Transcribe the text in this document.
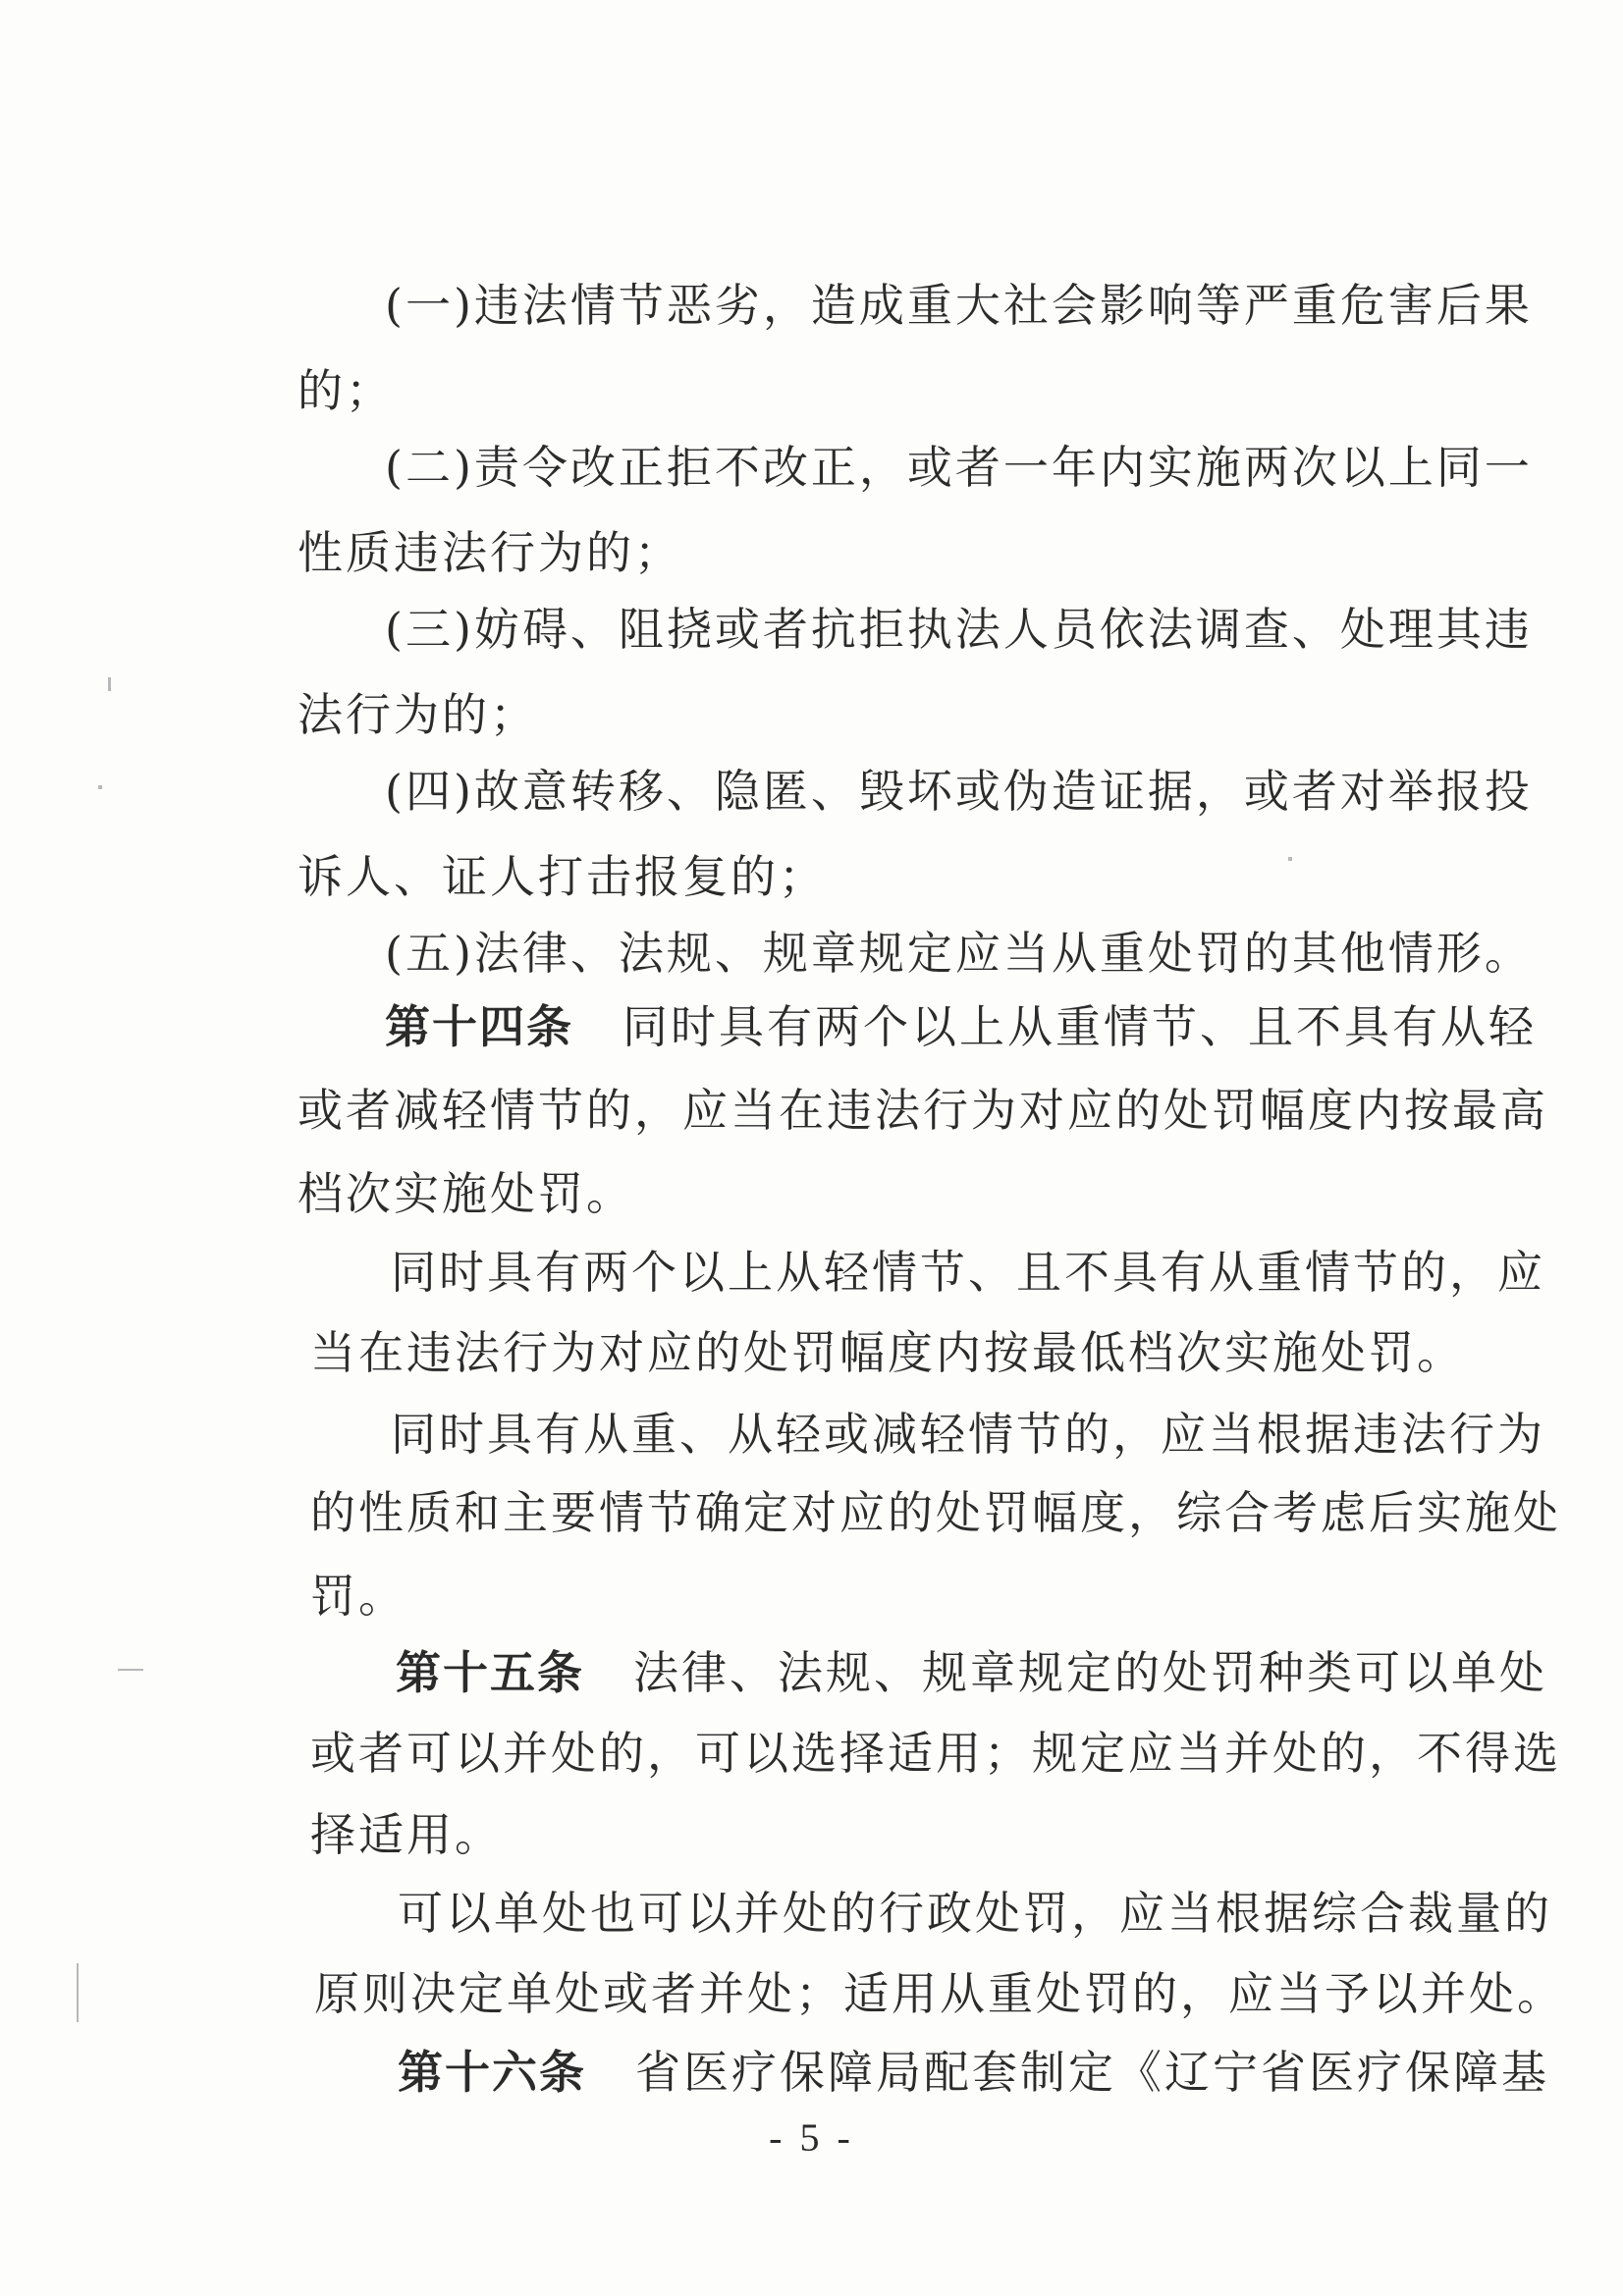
(一)违法情节恶劣，造成重大社会影响等严重危害后果
的；
(二)责令改正拒不改正，或者一年内实施两次以上同一
性质违法行为的；
(三)妨碍、阻挠或者抗拒执法人员依法调查、处理其违
法行为的；
(四)故意转移、隐匿、毁坏或伪造证据，或者对举报投
诉人、证人打击报复的；
(五)法律、法规、规章规定应当从重处罚的其他情形。
第十四条 同时具有两个以上从重情节、且不具有从轻
或者减轻情节的，应当在违法行为对应的处罚幅度内按最高
档次实施处罚。
同时具有两个以上从轻情节、且不具有从重情节的，应
当在违法行为对应的处罚幅度内按最低档次实施处罚。
同时具有从重、从轻或减轻情节的，应当根据违法行为
的性质和主要情节确定对应的处罚幅度，综合考虑后实施处
罚。
第十五条 法律、法规、规章规定的处罚种类可以单处
或者可以并处的，可以选择适用；规定应当并处的，不得选
择适用。
可以单处也可以并处的行政处罚，应当根据综合裁量的
原则决定单处或者并处；适用从重处罚的，应当予以并处。
第十六条 省医疗保障局配套制定《辽宁省医疗保障基
- 5 -
